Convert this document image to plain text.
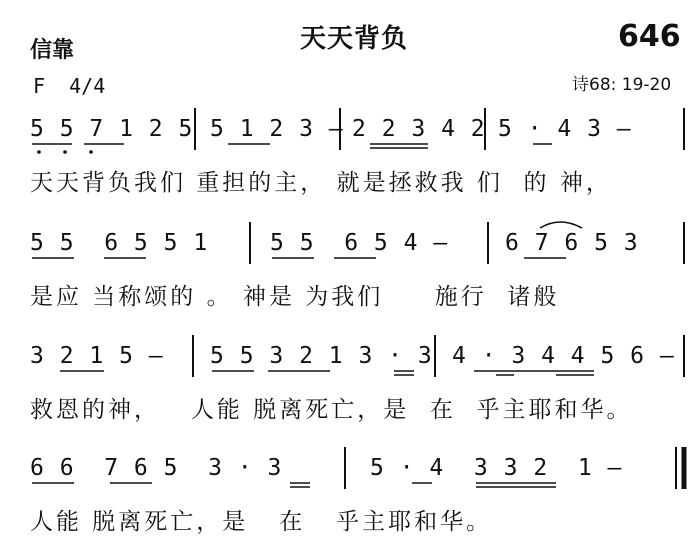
信靠	天天背负	646
F  4/4	诗68: 19-20
5 5 7 1 2 5 5 1 2 3 – 2 2 3 4 2 5 · 4 3 –
天天背负我们 重担的主， 就是拯救我 们  的 神，
5 5  6 5 5 1	5 5  6 5 4 – 6 7 6 5 3
是应 当称颂的 。 神是 为我们     施行  诸般
3 2 1 5 – 5 5 3 2 1 3 · 3 4 · 3 4 4 5 6 –
救恩的神，   人能 脱离死亡，是  在  乎主耶和华。
6 6  7 6 5  3 · 3	5 · 4  3 3 2  1 –
人能 脱离死亡，是   在   乎主耶和华。
